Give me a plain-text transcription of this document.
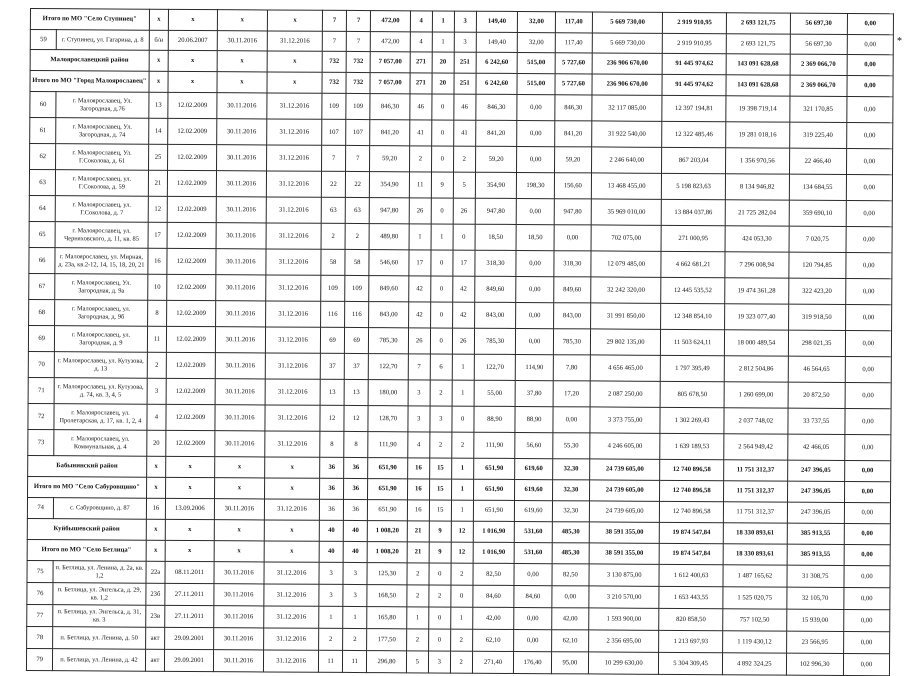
Итого по МО "Село Ступинец"		x	x	x	x	7	7	472,00	4	1	3	149,40	32,00	117,40	5 669 730,00	2 919 910,95	2 693 121,75	56 697,30	0,00
59	г. Ступинец, ул. Гагарина, д. 8	б/н	20.06.2007	30.11.2016	31.12.2016	7	7	472,00	4	1	3	149,40	32,00	117,40	5 669 730,00	2 919 910,95	2 693 121,75	56 697,30	0,00
Малоярославецкий район		x	x	x	x	732	732	7 057,00	271	20	251	6 242,60	515,00	5 727,60	236 906 670,00	91 445 974,62	143 091 628,68	2 369 066,70	0,00
Итого по МО "Город Малоярославец"		x	x	x	x	732	732	7 057,00	271	20	251	6 242,60	515,00	5 727,60	236 906 670,00	91 445 974,62	143 091 628,68	2 369 066,70	0,00
60	г. Малоярославец, Ул. Загородная, д.76	13	12.02.2009	30.11.2016	31.12.2016	109	109	846,30	46	0	46	846,30	0,00	846,30	32 117 085,00	12 397 194,81	19 398 719,14	321 170,85	0,00
61	г. Малоярославец, Ул. Загородная, д. 74	14	12.02.2009	30.11.2016	31.12.2016	107	107	841,20	41	0	41	841,20	0,00	841,20	31 922 540,00	12 322 485,46	19 281 018,16	319 225,40	0,00
62	г. Малоярославец, Ул. Г.Соколова, д. 61	25	12.02.2009	30.11.2016	31.12.2016	7	7	59,20	2	0	2	59,20	0,00	59,20	2 246 640,00	867 203,04	1 356 970,56	22 466,40	0,00
63	г. Малоярославец, ул. Г.Соколова, д. 59	21	12.02.2009	30.11.2016	31.12.2016	22	22	354,90	11	9	5	354,90	198,30	156,60	13 468 455,00	5 198 823,63	8 134 946,82	134 684,55	0,00
64	г. Малоярославец, ул. Г.Соколова, д. 7	12	12.02.2009	30.11.2016	31.12.2016	63	63	947,80	26	0	26	947,80	0,00	947,80	35 969 010,00	13 884 037,86	21 725 282,04	359 690,10	0,00
65	г. Малоярославец, ул. Черняховского, д. 11, кв. 85	17	12.02.2009	30.11.2016	31.12.2016	2	2	489,80	1	1	0	18,50	18,50	0,00	702 075,00	271 000,95	424 053,30	7 020,75	0,00
66	г. Малоярославец, ул. Мирная, д. 23а, кв.2-12, 14, 15, 18, 20, 21	16	12.02.2009	30.11.2016	31.12.2016	58	58	546,60	17	0	17	318,30	0,00	318,30	12 079 485,00	4 662 681,21	7 296 008,94	120 794,85	0,00
67	г. Малоярославец, Ул. Загородная, д. 9а	10	12.02.2009	30.11.2016	31.12.2016	109	109	849,60	42	0	42	849,60	0,00	849,60	32 242 320,00	12 445 535,52	19 474 361,28	322 423,20	0,00
68	г. Малоярославец, ул. Загородная, д. 9б	8	12.02.2009	30.11.2016	31.12.2016	116	116	843,00	42	0	42	843,00	0,00	843,00	31 991 850,00	12 348 854,10	19 323 077,40	319 918,50	0,00
69	г. Малоярославец, ул. Загородная, д. 9	11	12.02.2009	30.11.2016	31.12.2016	69	69	785,30	26	0	26	785,30	0,00	785,30	29 802 135,00	11 503 624,11	18 000 489,54	298 021,35	0,00
70	г. Малоярославец, ул. Кутузова, д. 13	2	12.02.2009	30.11.2016	31.12.2016	37	37	122,70	7	6	1	122,70	114,90	7,80	4 656 465,00	1 797 395,49	2 812 504,86	46 564,65	0,00
71	г. Малоярославец, ул. Кутузова, д. 74, кв. 3, 4, 5	3	12.02.2009	30.11.2016	31.12.2016	13	13	180,00	3	2	1	55,00	37,80	17,20	2 087 250,00	805 678,50	1 260 699,00	20 872,50	0,00
72	г. Малоярославец, ул. Пролетарская, д. 17, кв. 1, 2, 4	4	12.02.2009	30.11.2016	31.12.2016	12	12	128,70	3	3	0	88,90	88,90	0,00	3 373 755,00	1 302 269,43	2 037 748,02	33 737,55	0,00
73	г. Малоярославец, ул. Коммунальная, д. 4	20	12.02.2009	30.11.2016	31.12.2016	8	8	111,90	4	2	2	111,90	56,60	55,30	4 246 605,00	1 639 189,53	2 564 949,42	42 466,05	0,00
Бабынинский район		x	x	x	x	36	36	651,90	16	15	1	651,90	619,60	32,30	24 739 605,00	12 740 896,58	11 751 312,37	247 396,05	0,00
Итого по МО "Село Сабуровщино"		x	x	x	x	36	36	651,90	16	15	1	651,90	619,60	32,30	24 739 605,00	12 740 896,58	11 751 312,37	247 396,05	0,00
74	с. Сабуровщино, д. 87	16	13.09.2006	30.11.2016	31.12.2016	36	36	651,90	16	15	1	651,90	619,60	32,30	24 739 605,00	12 740 896,58	11 751 312,37	247 396,05	0,00
Куйбышевский район		x	x	x	x	40	40	1 008,20	21	9	12	1 016,90	531,60	485,30	38 591 355,00	19 874 547,84	18 330 893,61	385 913,55	0,00
Итого по МО "Село Бетлица"		x	x	x	x	40	40	1 008,20	21	9	12	1 016,90	531,60	485,30	38 591 355,00	19 874 547,84	18 330 893,61	385 913,55	0,00
75	п. Бетлица, ул. Ленина, д. 2а, кв. 1,2	22а	08.11.2011	30.11.2016	31.12.2016	3	3	125,30	2	0	2	82,50	0,00	82,50	3 130 875,00	1 612 400,63	1 487 165,62	31 308,75	0,00
76	п. Бетлица, ул. Энгельса, д. 29, кв. 1,2	23б	27.11.2011	30.11.2016	31.12.2016	3	3	168,50	2	2	0	84,60	84,60	0,00	3 210 570,00	1 653 443,55	1 525 020,75	32 105,70	0,00
77	п. Бетлица, ул. Энгельса, д. 31, кв. 3	23в	27.11.2011	30.11.2016	31.12.2016	1	1	165,80	1	0	1	42,00	0,00	42,00	1 593 900,00	820 858,50	757 102,50	15 939,00	0,00
78	п. Бетлица, ул. Ленина, д. 50	акт	29.09.2001	30.11.2016	31.12.2016	2	2	177,50	2	0	2	62,10	0,00	62,10	2 356 695,00	1 213 697,93	1 119 430,12	23 566,95	0,00
79	п. Бетлица, ул. Ленина, д. 42	акт	29.09.2001	30.11.2016	31.12.2016	11	11	296,80	5	3	2	271,40	176,40	95,00	10 299 630,00	5 304 309,45	4 892 324,25	102 996,30	0,00
*
